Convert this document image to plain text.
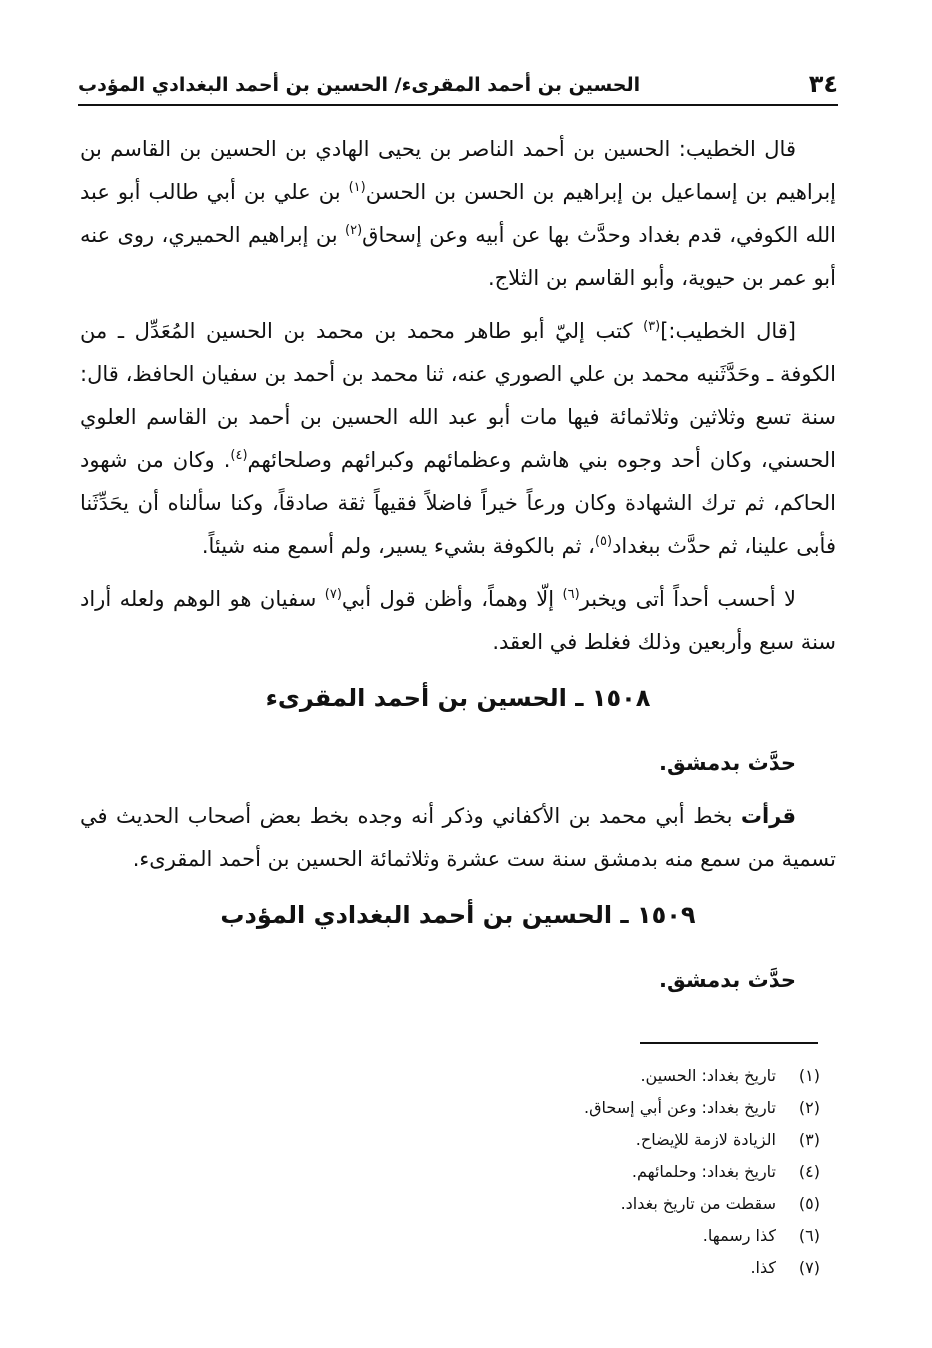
٣٤
الحسين بن أحمد المقرىء/ الحسين بن أحمد البغدادي المؤدب

قال الخطيب: الحسين بن أحمد الناصر بن يحيى الهادي بن الحسين بن القاسم بن إبراهيم بن إسماعيل بن إبراهيم بن الحسن بن الحسن$^{(١)}$ بن علي بن أبي طالب أبو عبد الله الكوفي، قدم بغداد وحدَّث بها عن أبيه وعن إسحاق$^{(٢)}$ بن إبراهيم الحميري، روى عنه أبو عمر بن حيوية، وأبو القاسم بن الثلاج.

[قال الخطيب:]$^{(٣)}$ كتب إليّ أبو طاهر محمد بن محمد بن الحسين المُعَدِّل ـ من الكوفة ـ وحَدَّثَنيه محمد بن علي الصوري عنه، ثنا محمد بن أحمد بن سفيان الحافظ، قال: سنة تسع وثلاثين وثلاثمائة فيها مات أبو عبد الله الحسين بن أحمد بن القاسم العلوي الحسني، وكان أحد وجوه بني هاشم وعظمائهم وكبرائهم وصلحائهم$^{(٤)}$. وكان من شهود الحاكم، ثم ترك الشهادة وكان ورعاً خيراً فاضلاً فقيهاً ثقة صادقاً، وكنا سألناه أن يحَدِّثَنا فأبى علينا، ثم حدَّث ببغداد$^{(٥)}$، ثم بالكوفة بشيء يسير، ولم أسمع منه شيئاً.

لا أحسب أحداً أتى ويخبر$^{(٦)}$ إلّا وهماً، وأظن قول أبي$^{(٧)}$ سفيان هو الوهم ولعله أراد سنة سبع وأربعين وذلك فغلط في العقد.

١٥٠٨ ـ الحسين بن أحمد المقرىء

حدَّث بدمشق.

قرأت بخط أبي محمد بن الأكفاني وذكر أنه وجده بخط بعض أصحاب الحديث في تسمية من سمع منه بدمشق سنة ست عشرة وثلاثمائة الحسين بن أحمد المقرىء.

١٥٠٩ ـ الحسين بن أحمد البغدادي المؤدب

حدَّث بدمشق.

(١)
تاريخ بغداد: الحسين.
(٢)
تاريخ بغداد: وعن أبي إسحاق.
(٣)
الزيادة لازمة للإيضاح.
(٤)
تاريخ بغداد: وحلمائهم.
(٥)
سقطت من تاريخ بغداد.
(٦)
كذا رسمها.
(٧)
كذا.
